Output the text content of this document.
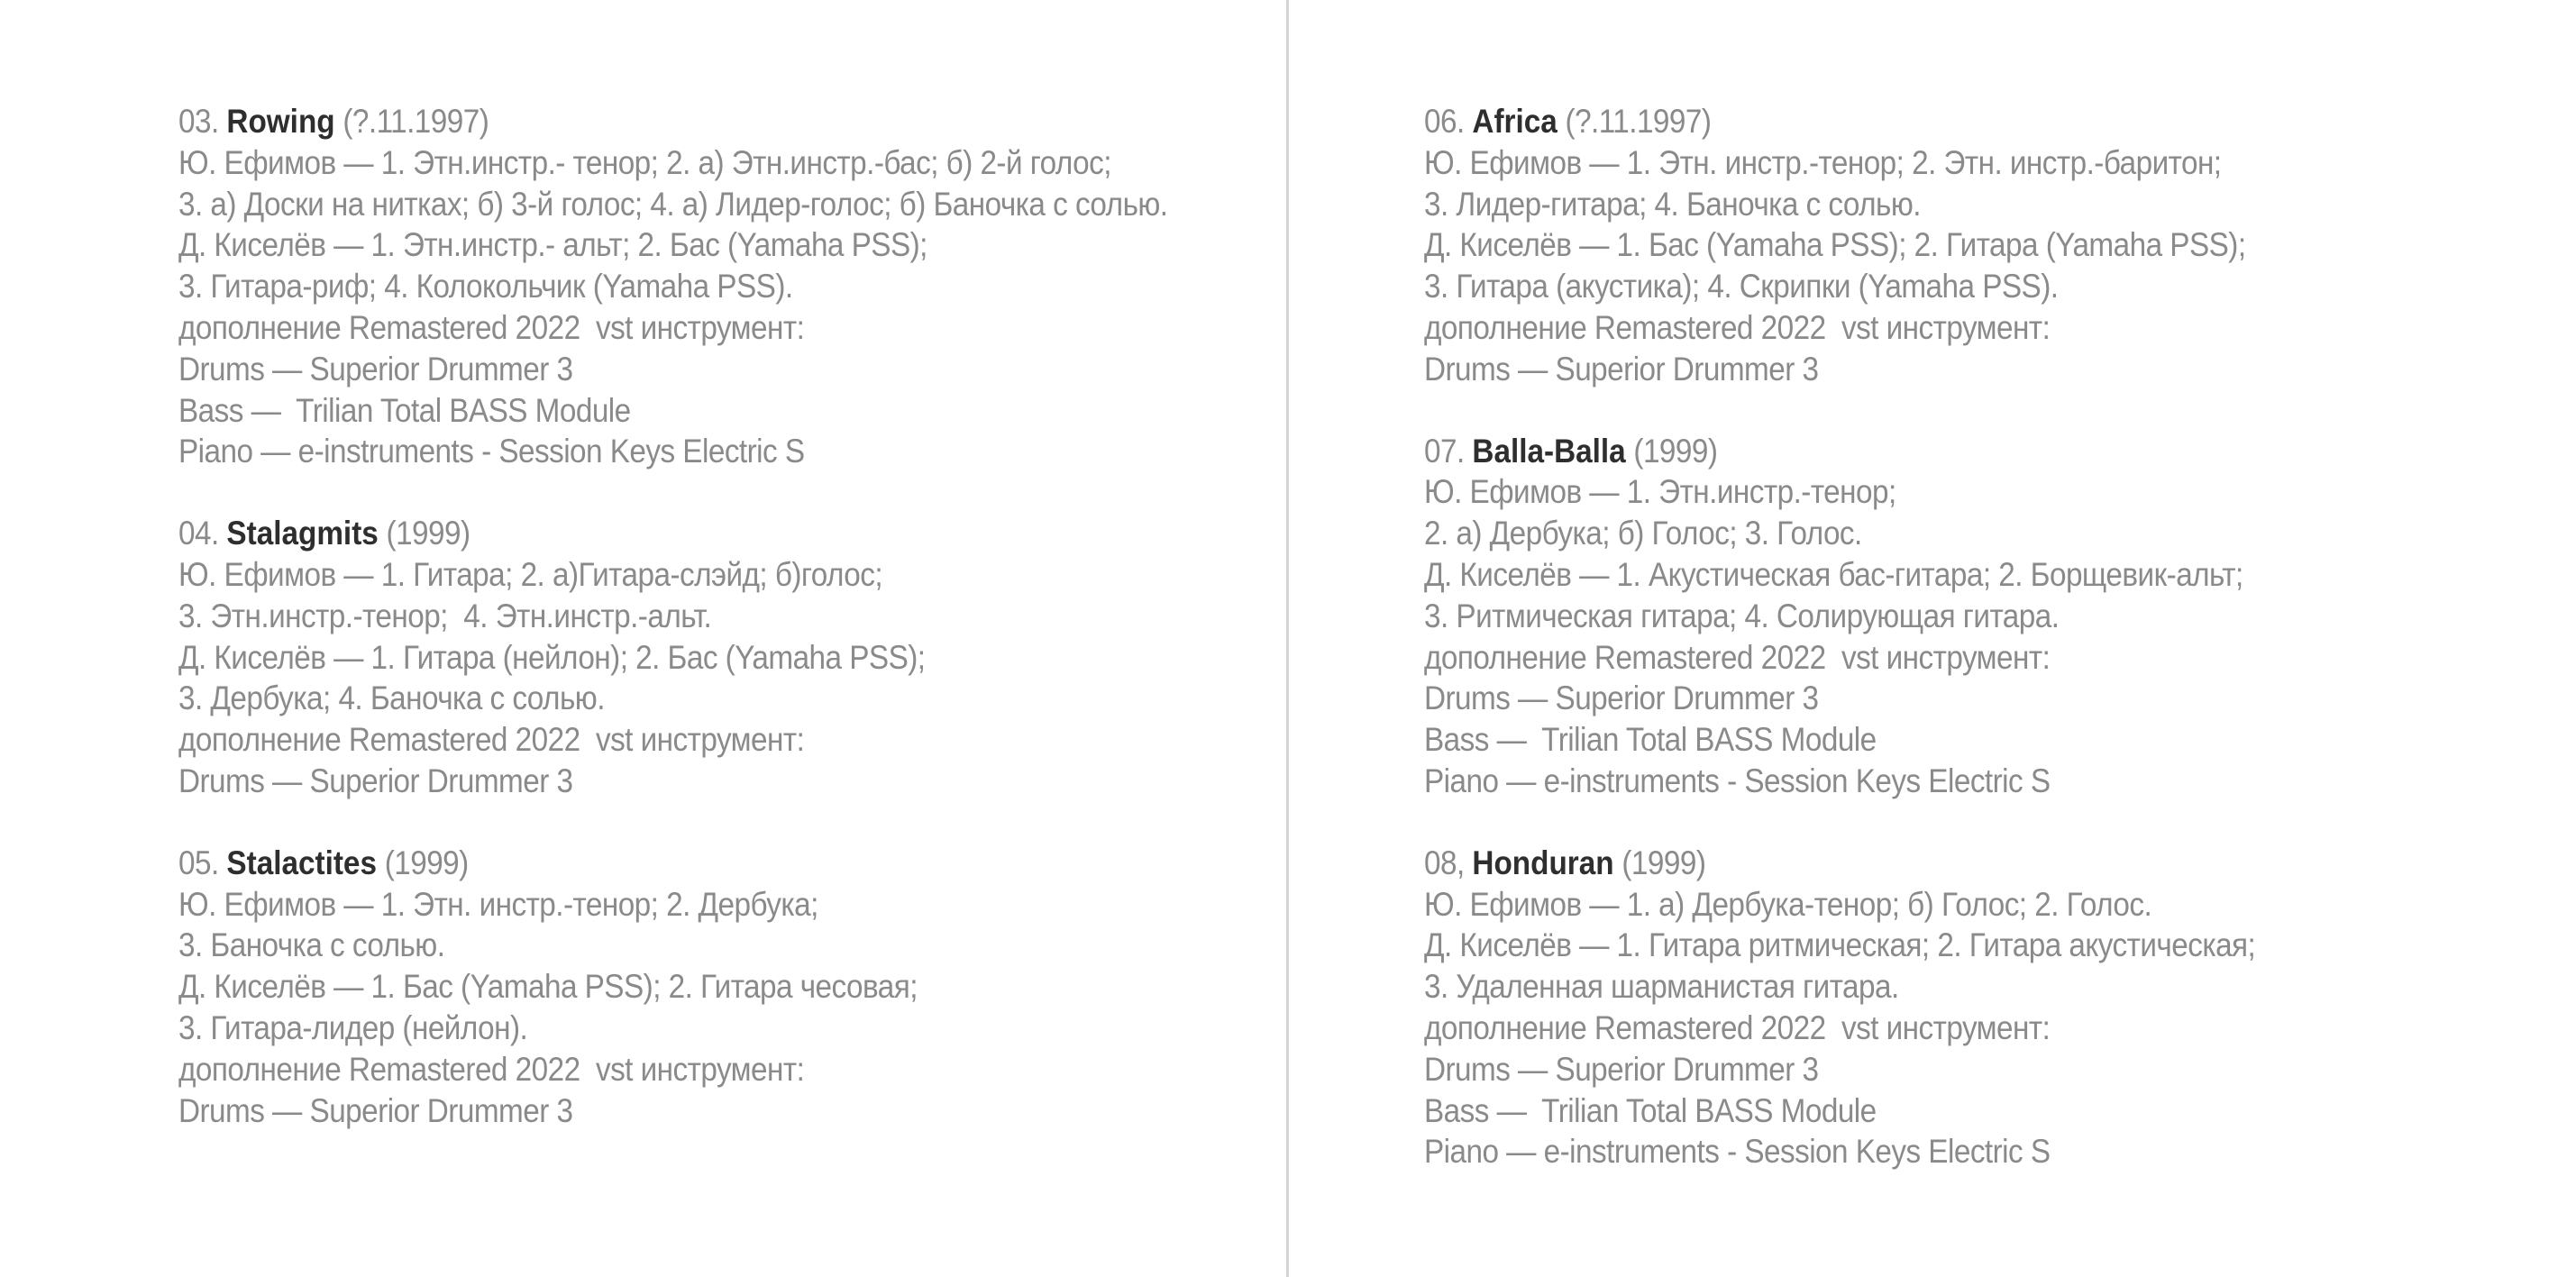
03. Rowing (?.11.1997)
Ю. Ефимов — 1. Этн.инстр.- тенор; 2. а) Этн.инстр.-бас; б) 2-й голос;
3. а) Доски на нитках; б) 3-й голос; 4. а) Лидер-голос; б) Баночка с солью.
Д. Киселёв — 1. Этн.инстр.- альт; 2. Бас (Yamaha PSS);
3. Гитара-риф; 4. Колокольчик (Yamaha PSS).
дополнение Remastered 2022  vst инструмент:
Drums — Superior Drummer 3
Bass —  Trilian Total BASS Module
Piano — e-instruments - Session Keys Electric S
04. Stalagmits (1999)
Ю. Ефимов — 1. Гитара; 2. а)Гитара-слэйд; б)голос;
3. Этн.инстр.-тенор;  4. Этн.инстр.-альт.
Д. Киселёв — 1. Гитара (нейлон); 2. Бас (Yamaha PSS);
3. Дербука; 4. Баночка с солью.
дополнение Remastered 2022  vst инструмент:
Drums — Superior Drummer 3
05. Stalactites (1999)
Ю. Ефимов — 1. Этн. инстр.-тенор; 2. Дербука;
3. Баночка с солью.
Д. Киселёв — 1. Бас (Yamaha PSS); 2. Гитара чесовая;
3. Гитара-лидер (нейлон).
дополнение Remastered 2022  vst инструмент:
Drums — Superior Drummer 3
06. Africa (?.11.1997)
Ю. Ефимов — 1. Этн. инстр.-тенор; 2. Этн. инстр.-баритон;
3. Лидер-гитара; 4. Баночка с солью.
Д. Киселёв — 1. Бас (Yamaha PSS); 2. Гитара (Yamaha PSS);
3. Гитара (акустика); 4. Скрипки (Yamaha PSS).
дополнение Remastered 2022  vst инструмент:
Drums — Superior Drummer 3
07. Balla-Balla (1999)
Ю. Ефимов — 1. Этн.инстр.-тенор;
2. а) Дербука; б) Голос; 3. Голос.
Д. Киселёв — 1. Акустическая бас-гитара; 2. Борщевик-альт;
3. Ритмическая гитара; 4. Солирующая гитара.
дополнение Remastered 2022  vst инструмент:
Drums — Superior Drummer 3
Bass —  Trilian Total BASS Module
Piano — e-instruments - Session Keys Electric S
08, Honduran (1999)
Ю. Ефимов — 1. а) Дербука-тенор; б) Голос; 2. Голос.
Д. Киселёв — 1. Гитара ритмическая; 2. Гитара акустическая;
3. Удаленная шарманистая гитара.
дополнение Remastered 2022  vst инструмент:
Drums — Superior Drummer 3
Bass —  Trilian Total BASS Module
Piano — e-instruments - Session Keys Electric S
